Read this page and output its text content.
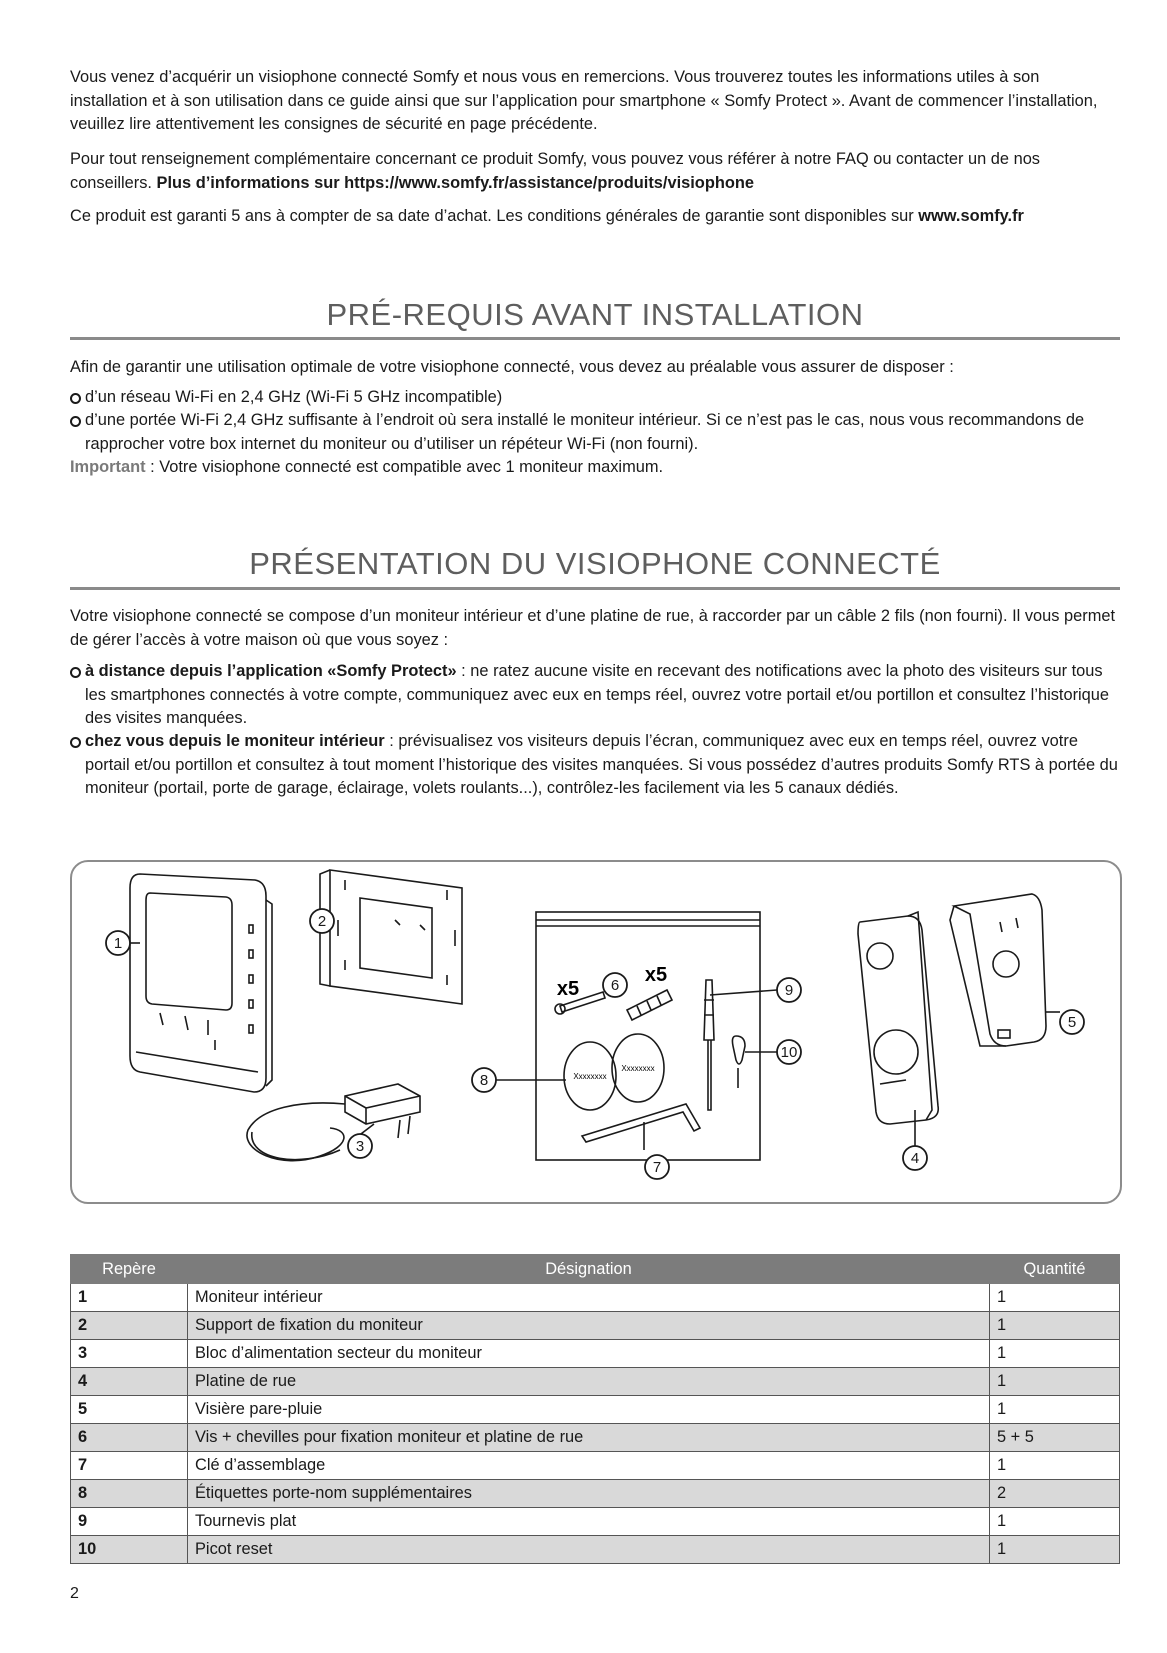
Vous venez d’acquérir un visiophone connecté Somfy et nous vous en remercions. Vous trouverez toutes les informations utiles à son installation et à son utilisation dans ce guide ainsi que sur l’application pour smartphone « Somfy Protect ». Avant de commencer l’installation, veuillez lire attentivement les consignes de sécurité en page précédente.

Pour tout renseignement complémentaire concernant ce produit Somfy, vous pouvez vous référer à notre FAQ ou contacter un de nos conseillers. Plus d’informations sur https://www.somfy.fr/assistance/produits/visiophone

Ce produit est garanti 5 ans à compter de sa date d’achat. Les conditions générales de garantie sont disponibles sur www.somfy.fr

PRÉ-REQUIS AVANT INSTALLATION

Afin de garantir une utilisation optimale de votre visiophone connecté, vous devez au préalable vous assurer de disposer :

d’un réseau Wi-Fi en 2,4 GHz (Wi-Fi 5 GHz incompatible)
d’une portée Wi-Fi 2,4 GHz suffisante à l’endroit où sera installé le moniteur intérieur. Si ce n’est pas le cas, nous vous recommandons de rapprocher votre box internet du moniteur ou d’utiliser un répéteur Wi-Fi (non fourni).

Important : Votre visiophone connecté est compatible avec 1 moniteur maximum.

PRÉSENTATION DU VISIOPHONE CONNECTÉ

Votre visiophone connecté se compose d’un moniteur intérieur et d’une platine de rue, à raccorder par un câble 2 fils (non fourni). Il vous permet de gérer l’accès à votre maison où que vous soyez :

à distance depuis l’application «Somfy Protect» : ne ratez aucune visite en recevant des notifications avec la photo des visiteurs sur tous les smartphones connectés à votre compte, communiquez avec eux en temps réel, ouvrez votre portail et/ou portillon et consultez l’historique des visites manquées.
chez vous depuis le moniteur intérieur : prévisualisez vos visiteurs depuis l’écran, communiquez avec eux en temps réel, ouvrez votre portail et/ou portillon et consultez à tout moment l’historique des visites manquées. Si vous possédez d’autres produits Somfy RTS à portée du moniteur (portail, porte de garage, éclairage, volets roulants...), contrôlez-les facilement via les 5 canaux dédiés.
x5
x5
Xxxxxxxx
Xxxxxxxx
1
2
3
4
5
6
7
8
9
10
Repère	Désignation	Quantité
1	Moniteur intérieur	1
2	Support de fixation du moniteur	1
3	Bloc d’alimentation secteur du moniteur	1
4	Platine de rue	1
5	Visière pare-pluie	1
6	Vis + chevilles pour fixation moniteur et platine de rue	5 + 5
7	Clé d’assemblage	1
8	Étiquettes porte-nom supplémentaires	2
9	Tournevis plat	1
10	Picot reset	1
2
